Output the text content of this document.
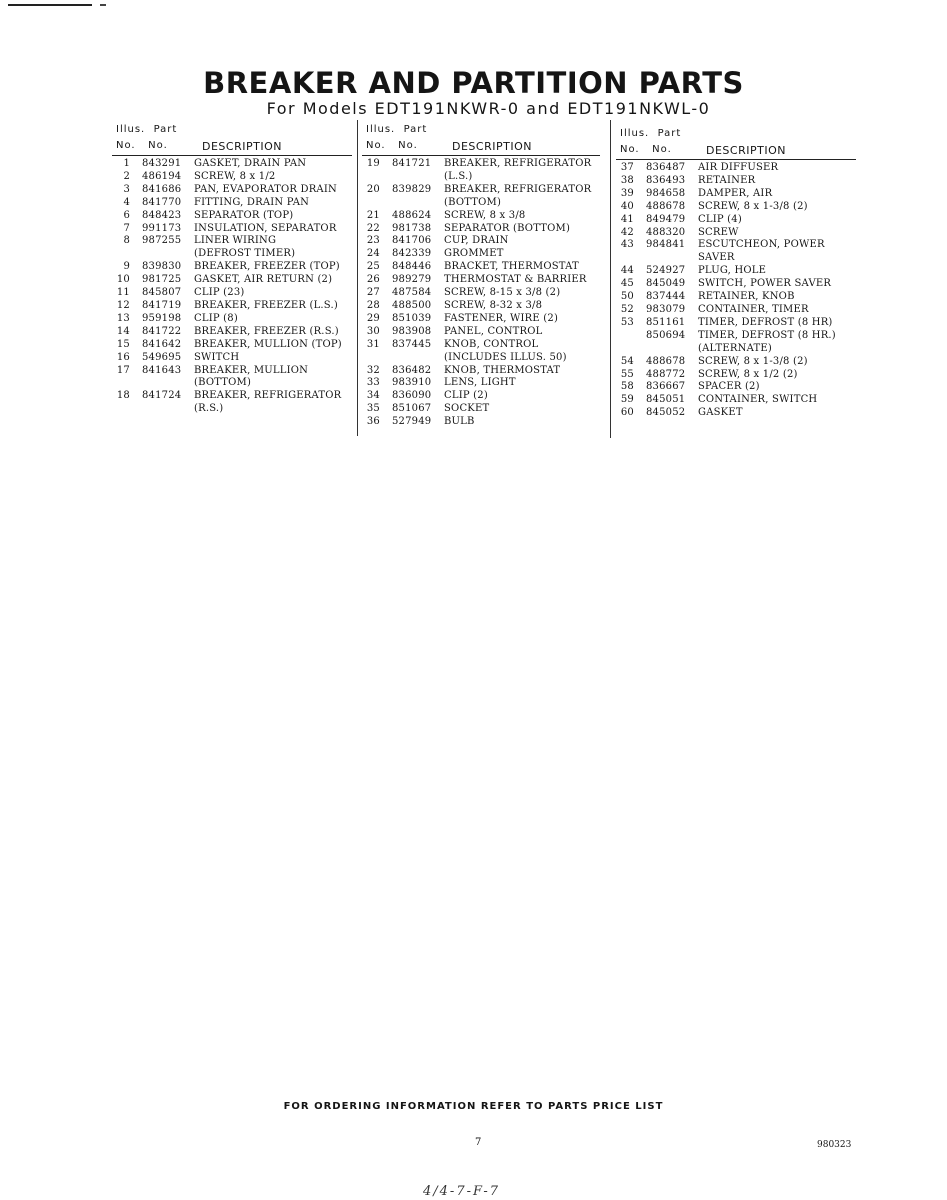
BREAKER AND PARTITION PARTS
For Models EDT191NKWR-0 and EDT191NKWL-0
Illus. Part
No. No.	DESCRIPTION
1 843291	GASKET, DRAIN PAN
2 486194	SCREW, 8 x 1/2
3 841686	PAN, EVAPORATOR DRAIN
4 841770	FITTING, DRAIN PAN
6 848423	SEPARATOR (TOP)
7 991173	INSULATION, SEPARATOR
8 987255	LINER WIRING
(DEFROST TIMER)
9 839830	BREAKER, FREEZER (TOP)
10 981725	GASKET, AIR RETURN (2)
11 845807	CLIP (23)
12 841719	BREAKER, FREEZER (L.S.)
13 959198	CLIP (8)
14 841722	BREAKER, FREEZER (R.S.)
15 841642	BREAKER, MULLION (TOP)
16 549695	SWITCH
17 841643	BREAKER, MULLION
(BOTTOM)
18 841724	BREAKER, REFRIGERATOR
(R.S.)
Illus. Part
No. No.	DESCRIPTION
19 841721	BREAKER, REFRIGERATOR
(L.S.)
20 839829	BREAKER, REFRIGERATOR
(BOTTOM)
21 488624	SCREW, 8 x 3/8
22 981738	SEPARATOR (BOTTOM)
23 841706	CUP, DRAIN
24 842339	GROMMET
25 848446	BRACKET, THERMOSTAT
26 989279	THERMOSTAT & BARRIER
27 487584	SCREW, 8-15 x 3/8 (2)
28 488500	SCREW, 8-32 x 3/8
29 851039	FASTENER, WIRE (2)
30 983908	PANEL, CONTROL
31 837445	KNOB, CONTROL
(INCLUDES ILLUS. 50)
32 836482	KNOB, THERMOSTAT
33 983910	LENS, LIGHT
34 836090	CLIP (2)
35 851067	SOCKET
36 527949	BULB
Illus. Part
No. No.	DESCRIPTION
37 836487	AIR DIFFUSER
38 836493	RETAINER
39 984658	DAMPER, AIR
40 488678	SCREW, 8 x 1-3/8 (2)
41 849479	CLIP (4)
42 488320	SCREW
43 984841	ESCUTCHEON, POWER
SAVER
44 524927	PLUG, HOLE
45 845049	SWITCH, POWER SAVER
50 837444	RETAINER, KNOB
52 983079	CONTAINER, TIMER
53 851161	TIMER, DEFROST (8 HR)
850694	TIMER, DEFROST (8 HR.)
(ALTERNATE)
54 488678	SCREW, 8 x 1-3/8 (2)
55 488772	SCREW, 8 x 1/2 (2)
58 836667	SPACER (2)
59 845051	CONTAINER, SWITCH
60 845052	GASKET
FOR ORDERING INFORMATION REFER TO PARTS PRICE LIST
7	980323
4/4-7-F-7
